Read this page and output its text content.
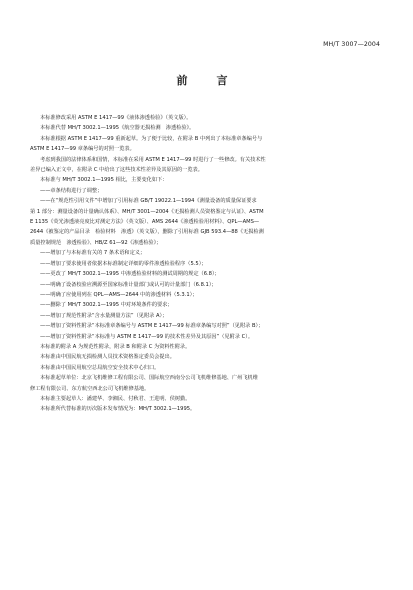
MH/T 3007—2004
前　言

本标准修改采用 ASTM E 1417—99《液体渗透检验》（英文版）。

本标准代替 MH/T 3002.1—1995《航空器无损检测　渗透检验》。

本标准根据 ASTM E 1417—99 重新起草。为了便于比较，在附录 B 中列出了本标准章条编号与

ASTM E 1417—99 章条编号的对照一览表。

考虑到我国的法律体系和国情，本标准在采用 ASTM E 1417—99 时进行了一些修改。有关技术性

差异已编入正文中，在附录 C 中给出了这些技术性差异及其原因的一览表。

本标准与 MH/T 3002.1—1995 相比，主要变化如下：

——章条结构进行了调整；

——在“规范性引用文件”中增加了引用标准 GB/T 19022.1—1994《测量设备的质量保证要求

第 1 部分：测量设备的计量确认体系》、MH/T 3001—2004《无损检测人员资格鉴定与认证》、ASTM

E 1135《荧光渗透液亮度比对测定方法》（英文版）、AMS 2644《渗透检验用材料》、QPL—AMS—

2644《被鉴定的产品目录　检验材料　渗透》（英文版），删除了引用标准 GJB 593.4—88《无损检测

质量控制规范　渗透检验》、HB/Z 61—92《渗透检验》；

——增加了与本标准有关的 7 条术语和定义；

——增加了要求使用者依据本标准制定详细的零件渗透检验程序（5.5）；

——更改了 MH/T 3002.1—1995 中渗透检验材料的测试周期的规定（6.8）；

——明确了设备校验应溯源至国家标准计量部门或认可的计量部门（6.8.1）；

——明确了应使用列在 QPL—AMS—2644 中的渗透材料（5.3.1）；

——删除了 MH/T 3002.1—1995 中对环境条件的要求；

——增加了规范性附录“含水量测量方法”（见附录 A）；

——增加了资料性附录“本标准章条编号与 ASTM E 1417—99 标准章条编写对照”（见附录 B）；

——增加了资料性附录“本标准与 ASTM E 1417—99 的技术性差异及其原因”（见附录 C）。

本标准的附录 A 为规范性附录，附录 B 和附录 C 为资料性附录。

本标准由中国民航无损检测人员技术资格鉴定委员会提出。

本标准由中国民用航空总局航空安全技术中心归口。

本标准起草单位：北京飞机维修工程有限公司、国际航空西南分公司飞机维修基地、广州飞机维

修工程有限公司、东方航空西北公司飞机维修基地。

本标准主要起草人：潘建华、李湘民、付秋君、王进明、侯树勤。

本标准所代替标准的历次版本发布情况为：MH/T 3002.1—1995。
